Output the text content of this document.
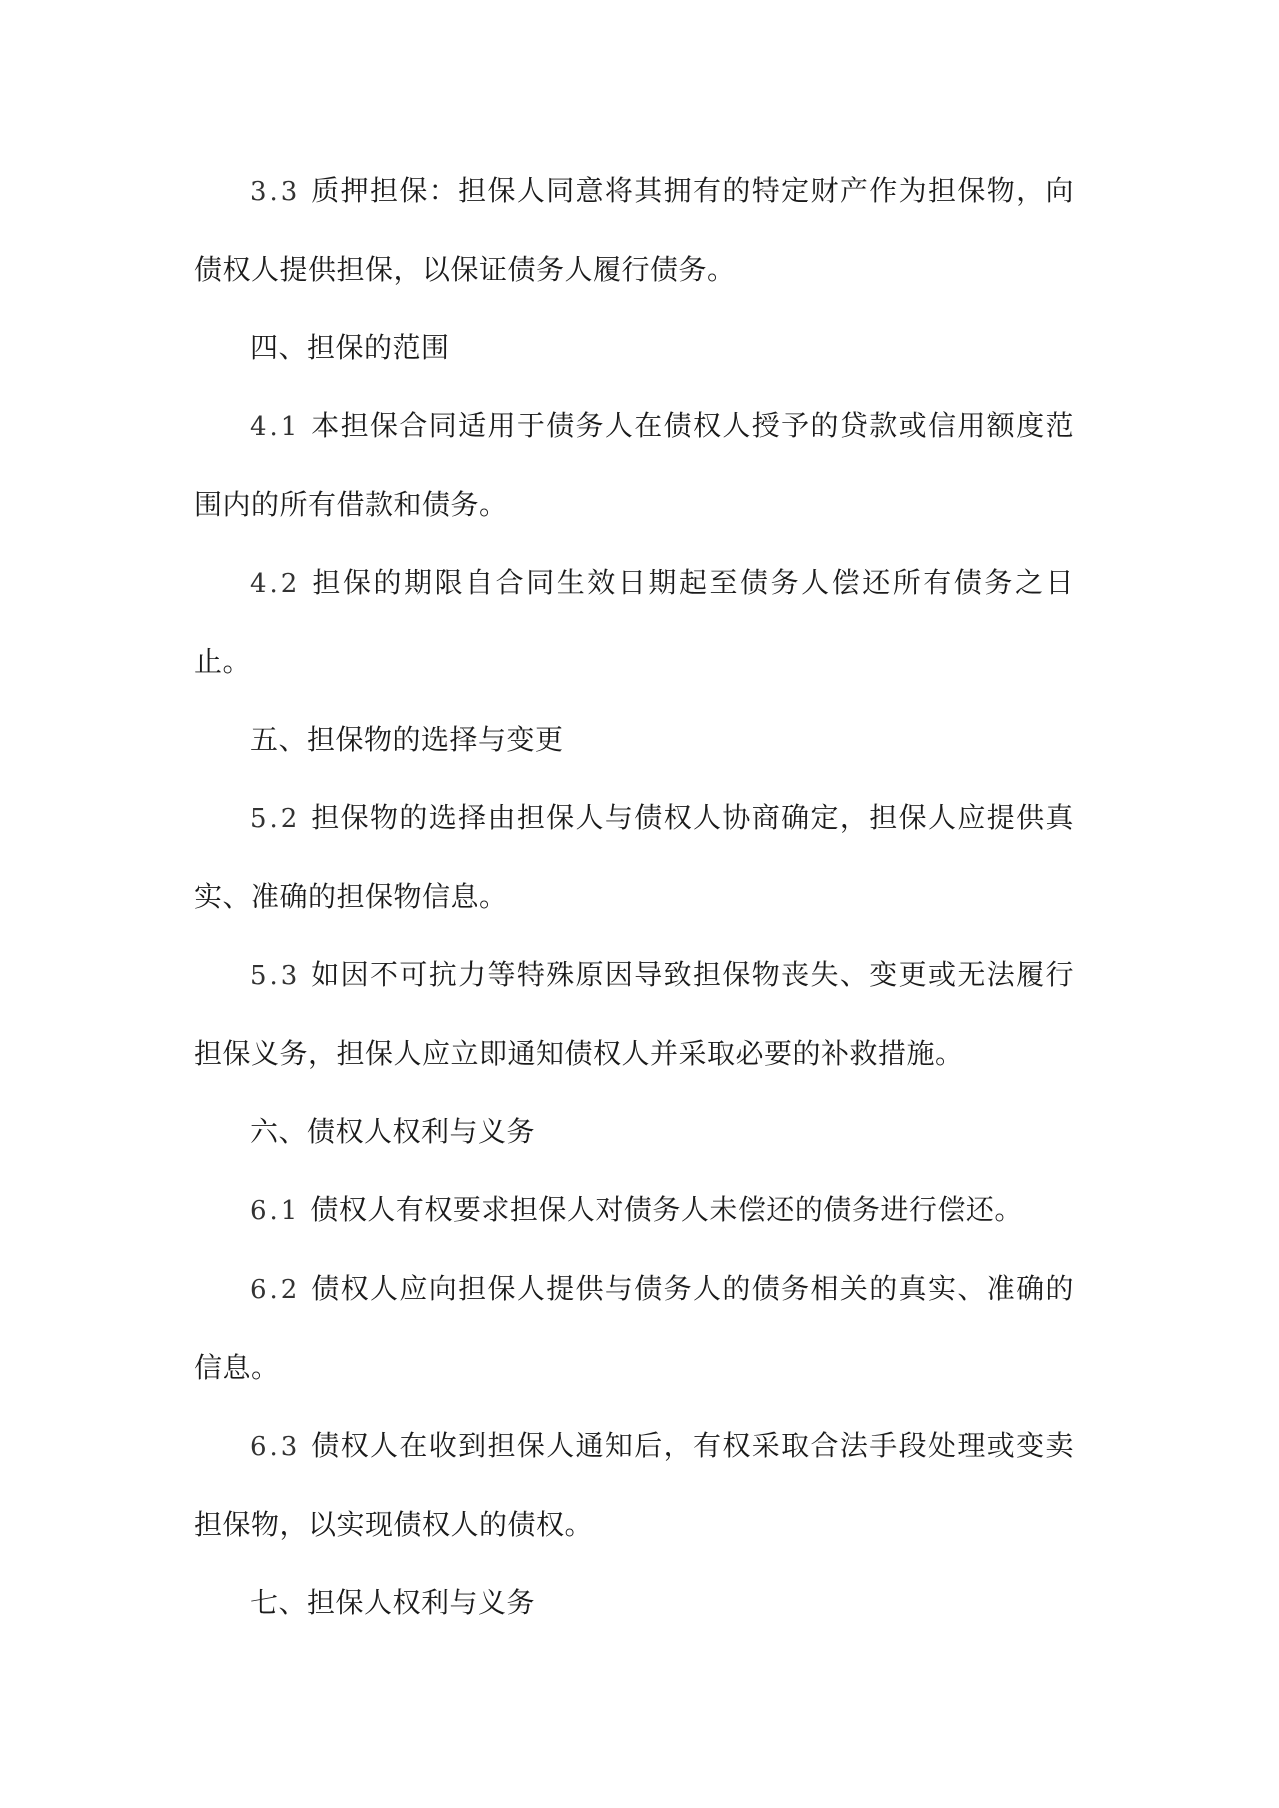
3.3 质押担保：担保人同意将其拥有的特定财产作为担保物，向债权人提供担保，以保证债务人履行债务。

四、担保的范围

4.1 本担保合同适用于债务人在债权人授予的贷款或信用额度范围内的所有借款和债务。

4.2 担保的期限自合同生效日期起至债务人偿还所有债务之日止。

五、担保物的选择与变更

5.2 担保物的选择由担保人与债权人协商确定，担保人应提供真实、准确的担保物信息。

5.3 如因不可抗力等特殊原因导致担保物丧失、变更或无法履行担保义务，担保人应立即通知债权人并采取必要的补救措施。

六、债权人权利与义务

6.1 债权人有权要求担保人对债务人未偿还的债务进行偿还。

6.2 债权人应向担保人提供与债务人的债务相关的真实、准确的信息。

6.3 债权人在收到担保人通知后，有权采取合法手段处理或变卖担保物，以实现债权人的债权。

七、担保人权利与义务
